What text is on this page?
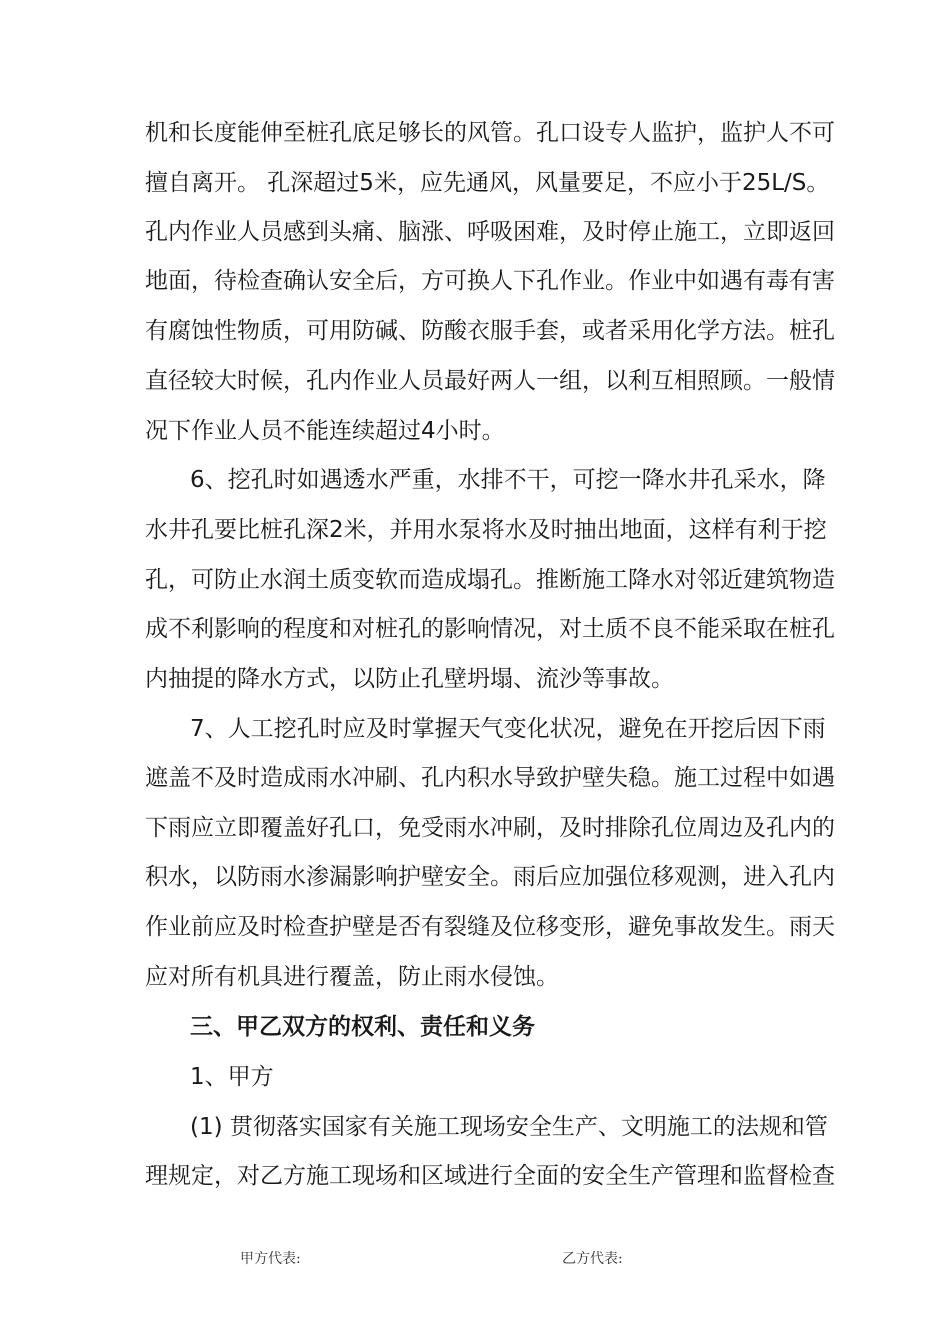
机和长度能伸至桩孔底足够长的风管。孔口设专人监护，监护人不可
擅自离开。 孔深超过5米，应先通风，风量要足，不应小于25L/S。
孔内作业人员感到头痛、脑涨、呼吸困难，及时停止施工，立即返回
地面，待检查确认安全后，方可换人下孔作业。作业中如遇有毒有害
有腐蚀性物质，可用防碱、防酸衣服手套，或者采用化学方法。桩孔
直径较大时候，孔内作业人员最好两人一组，以利互相照顾。一般情
况下作业人员不能连续超过4小时。
6、挖孔时如遇透水严重，水排不干，可挖一降水井孔采水，降
水井孔要比桩孔深2米，并用水泵将水及时抽出地面，这样有利于挖
孔，可防止水润土质变软而造成塌孔。推断施工降水对邻近建筑物造
成不利影响的程度和对桩孔的影响情况，对土质不良不能采取在桩孔
内抽提的降水方式，以防止孔壁坍塌、流沙等事故。
7、人工挖孔时应及时掌握天气变化状况，避免在开挖后因下雨
遮盖不及时造成雨水冲刷、孔内积水导致护壁失稳。施工过程中如遇
下雨应立即覆盖好孔口，免受雨水冲刷，及时排除孔位周边及孔内的
积水，以防雨水渗漏影响护壁安全。雨后应加强位移观测，进入孔内
作业前应及时检查护壁是否有裂缝及位移变形，避免事故发生。雨天
应对所有机具进行覆盖，防止雨水侵蚀。
三、甲乙双方的权利、责任和义务
1、甲方
(1) 贯彻落实国家有关施工现场安全生产、文明施工的法规和管
理规定，对乙方施工现场和区域进行全面的安全生产管理和监督检查
甲方代表:	乙方代表:
